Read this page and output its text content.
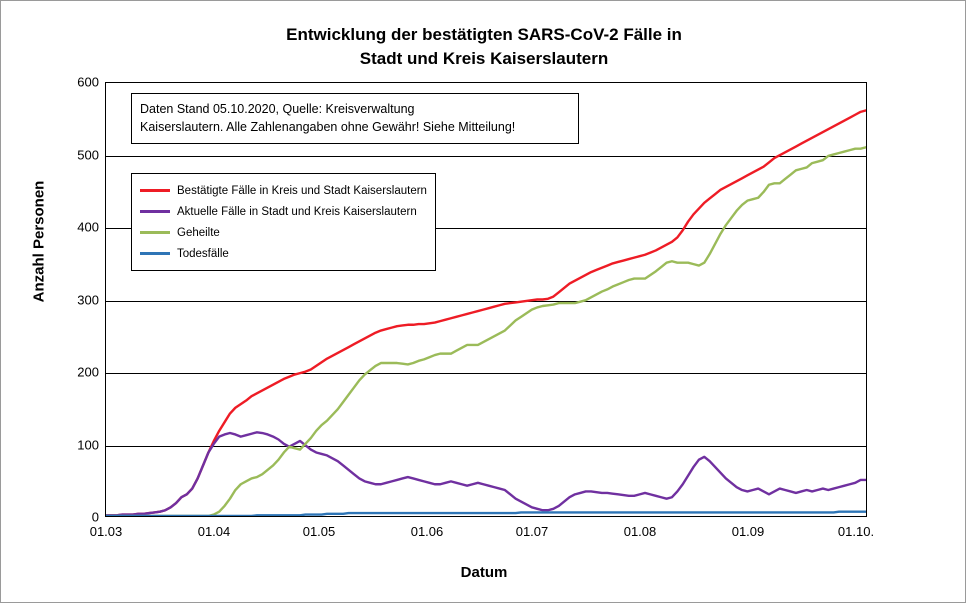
Entwicklung der bestätigten SARS-CoV-2 Fälle in
Stadt und Kreis Kaiserslautern
Anzahl Personen
Datum
600
500
400
300
200
100
0
01.03	01.04	01.05	01.06	01.07	01.08	01.09	01.10.
Daten Stand 05.10.2020, Quelle: Kreisverwaltung
Kaiserslautern. Alle Zahlenangaben ohne Gewähr! Siehe Mitteilung!
Bestätigte Fälle in Kreis und Stadt Kaiserslautern
Aktuelle Fälle in Stadt und Kreis Kaiserslautern
Geheilte
Todesfälle
